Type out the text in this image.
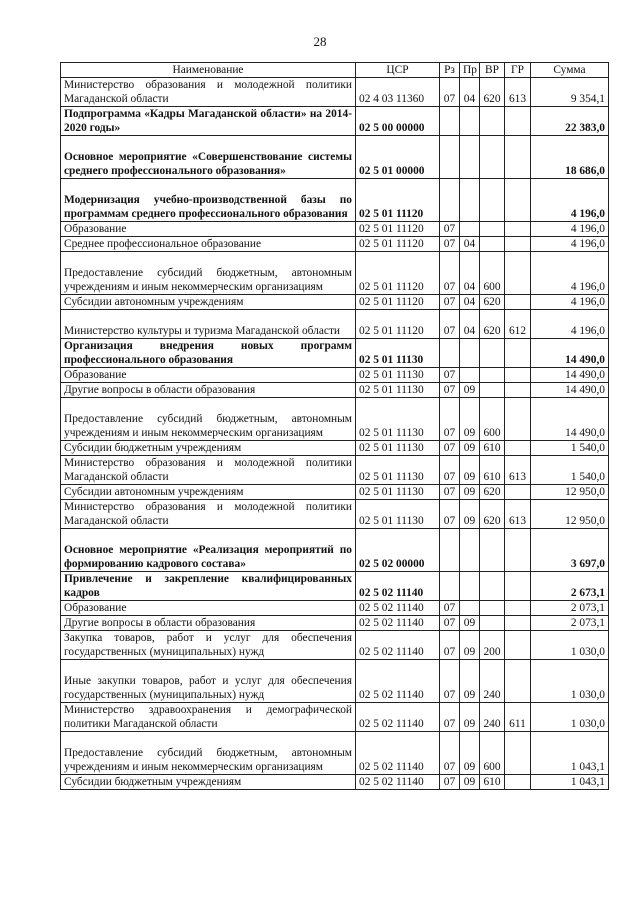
28
Наименование	ЦСР	Рз	Пр	ВР	ГР	Сумма
Министерство образования и молодежной политики Магаданской области	02 4 03 11360	07	04	620	613	9 354,1
Подпрограмма «Кадры Магаданской области» на 2014-2020 годы»	02 5 00 00000					22 383,0
Основное мероприятие «Совершенствование системы среднего профессионального образования»	02 5 01 00000					18 686,0
Модернизация учебно-производственной базы по программам среднего профессионального образования	02 5 01 11120					4 196,0
Образование	02 5 01 11120	07				4 196,0
Среднее профессиональное образование	02 5 01 11120	07	04			4 196,0
Предоставление субсидий бюджетным, автономным учреждениям и иным некоммерческим организациям	02 5 01 11120	07	04	600		4 196,0
Субсидии автономным учреждениям	02 5 01 11120	07	04	620		4 196,0
Министерство культуры и туризма Магаданской области	02 5 01 11120	07	04	620	612	4 196,0
Организация внедрения новых программ профессионального образования	02 5 01 11130					14 490,0
Образование	02 5 01 11130	07				14 490,0
Другие вопросы в области образования	02 5 01 11130	07	09			14 490,0
Предоставление субсидий бюджетным, автономным учреждениям и иным некоммерческим организациям	02 5 01 11130	07	09	600		14 490,0
Субсидии бюджетным учреждениям	02 5 01 11130	07	09	610		1 540,0
Министерство образования и молодежной политики Магаданской области	02 5 01 11130	07	09	610	613	1 540,0
Субсидии автономным учреждениям	02 5 01 11130	07	09	620		12 950,0
Министерство образования и молодежной политики Магаданской области	02 5 01 11130	07	09	620	613	12 950,0
Основное мероприятие «Реализация мероприятий по формированию кадрового состава»	02 5 02 00000					3 697,0
Привлечение и закрепление квалифицированных кадров	02 5 02 11140					2 673,1
Образование	02 5 02 11140	07				2 073,1
Другие вопросы в области образования	02 5 02 11140	07	09			2 073,1
Закупка товаров, работ и услуг для обеспечения государственных (муниципальных) нужд	02 5 02 11140	07	09	200		1 030,0
Иные закупки товаров, работ и услуг для обеспечения государственных (муниципальных) нужд	02 5 02 11140	07	09	240		1 030,0
Министерство здравоохранения и демографической политики Магаданской области	02 5 02 11140	07	09	240	611	1 030,0
Предоставление субсидий бюджетным, автономным учреждениям и иным некоммерческим организациям	02 5 02 11140	07	09	600		1 043,1
Субсидии бюджетным учреждениям	02 5 02 11140	07	09	610		1 043,1
